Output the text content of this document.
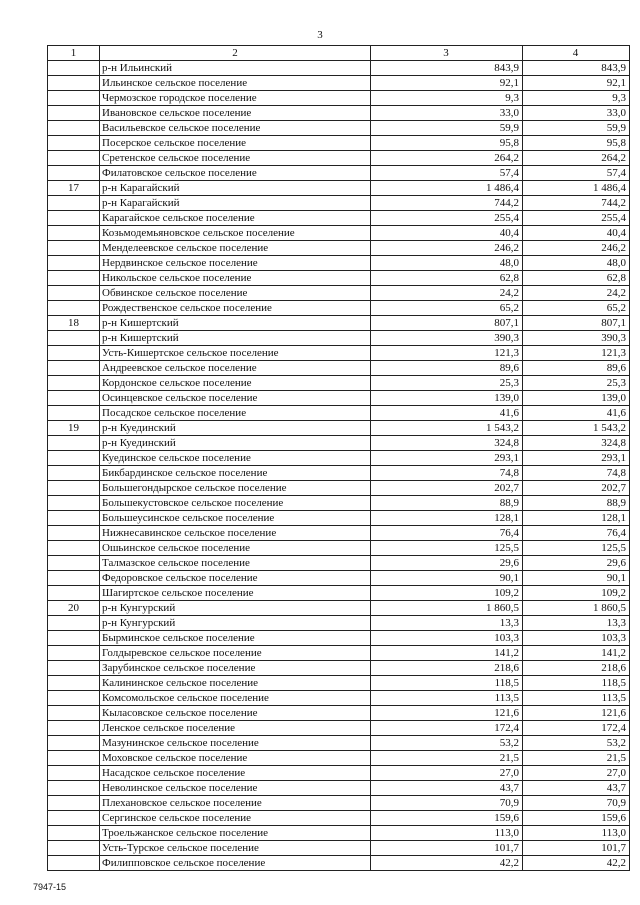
3
1	2	3	4
	р-н Ильинский	843,9	843,9
	Ильинское сельское поселение	92,1	92,1
	Чермозское городское поселение	9,3	9,3
	Ивановское сельское поселение	33,0	33,0
	Васильевское сельское поселение	59,9	59,9
	Посерское сельское поселение	95,8	95,8
	Сретенское сельское поселение	264,2	264,2
	Филатовское сельское поселение	57,4	57,4
17	р-н Карагайский	1 486,4	1 486,4
	р-н Карагайский	744,2	744,2
	Карагайское сельское поселение	255,4	255,4
	Козьмодемьяновское сельское поселение	40,4	40,4
	Менделеевское сельское поселение	246,2	246,2
	Нердвинское сельское поселение	48,0	48,0
	Никольское сельское поселение	62,8	62,8
	Обвинское сельское поселение	24,2	24,2
	Рождественское сельское поселение	65,2	65,2
18	р-н Кишертский	807,1	807,1
	р-н Кишертский	390,3	390,3
	Усть-Кишертское сельское поселение	121,3	121,3
	Андреевское сельское поселение	89,6	89,6
	Кордонское сельское поселение	25,3	25,3
	Осинцевское сельское поселение	139,0	139,0
	Посадское сельское поселение	41,6	41,6
19	р-н Куединский	1 543,2	1 543,2
	р-н Куединский	324,8	324,8
	Куединское сельское поселение	293,1	293,1
	Бикбардинское сельское поселение	74,8	74,8
	Большегондырское сельское поселение	202,7	202,7
	Большекустовское сельское поселение	88,9	88,9
	Большеусинское сельское поселение	128,1	128,1
	Нижнесавинское сельское поселение	76,4	76,4
	Ошьинское сельское поселение	125,5	125,5
	Талмазское сельское поселение	29,6	29,6
	Федоровское сельское поселение	90,1	90,1
	Шагиртское сельское поселение	109,2	109,2
20	р-н Кунгурский	1 860,5	1 860,5
	р-н Кунгурский	13,3	13,3
	Бырминское сельское поселение	103,3	103,3
	Голдыревское сельское поселение	141,2	141,2
	Зарубинское сельское поселение	218,6	218,6
	Калининское сельское поселение	118,5	118,5
	Комсомольское сельское поселение	113,5	113,5
	Кыласовское сельское поселение	121,6	121,6
	Ленское сельское поселение	172,4	172,4
	Мазунинское сельское поселение	53,2	53,2
	Моховское сельское поселение	21,5	21,5
	Насадское сельское поселение	27,0	27,0
	Неволинское сельское поселение	43,7	43,7
	Плехановское сельское поселение	70,9	70,9
	Сергинское сельское поселение	159,6	159,6
	Троельжанское сельское поселение	113,0	113,0
	Усть-Турское сельское поселение	101,7	101,7
	Филипповское сельское поселение	42,2	42,2
7947-15
